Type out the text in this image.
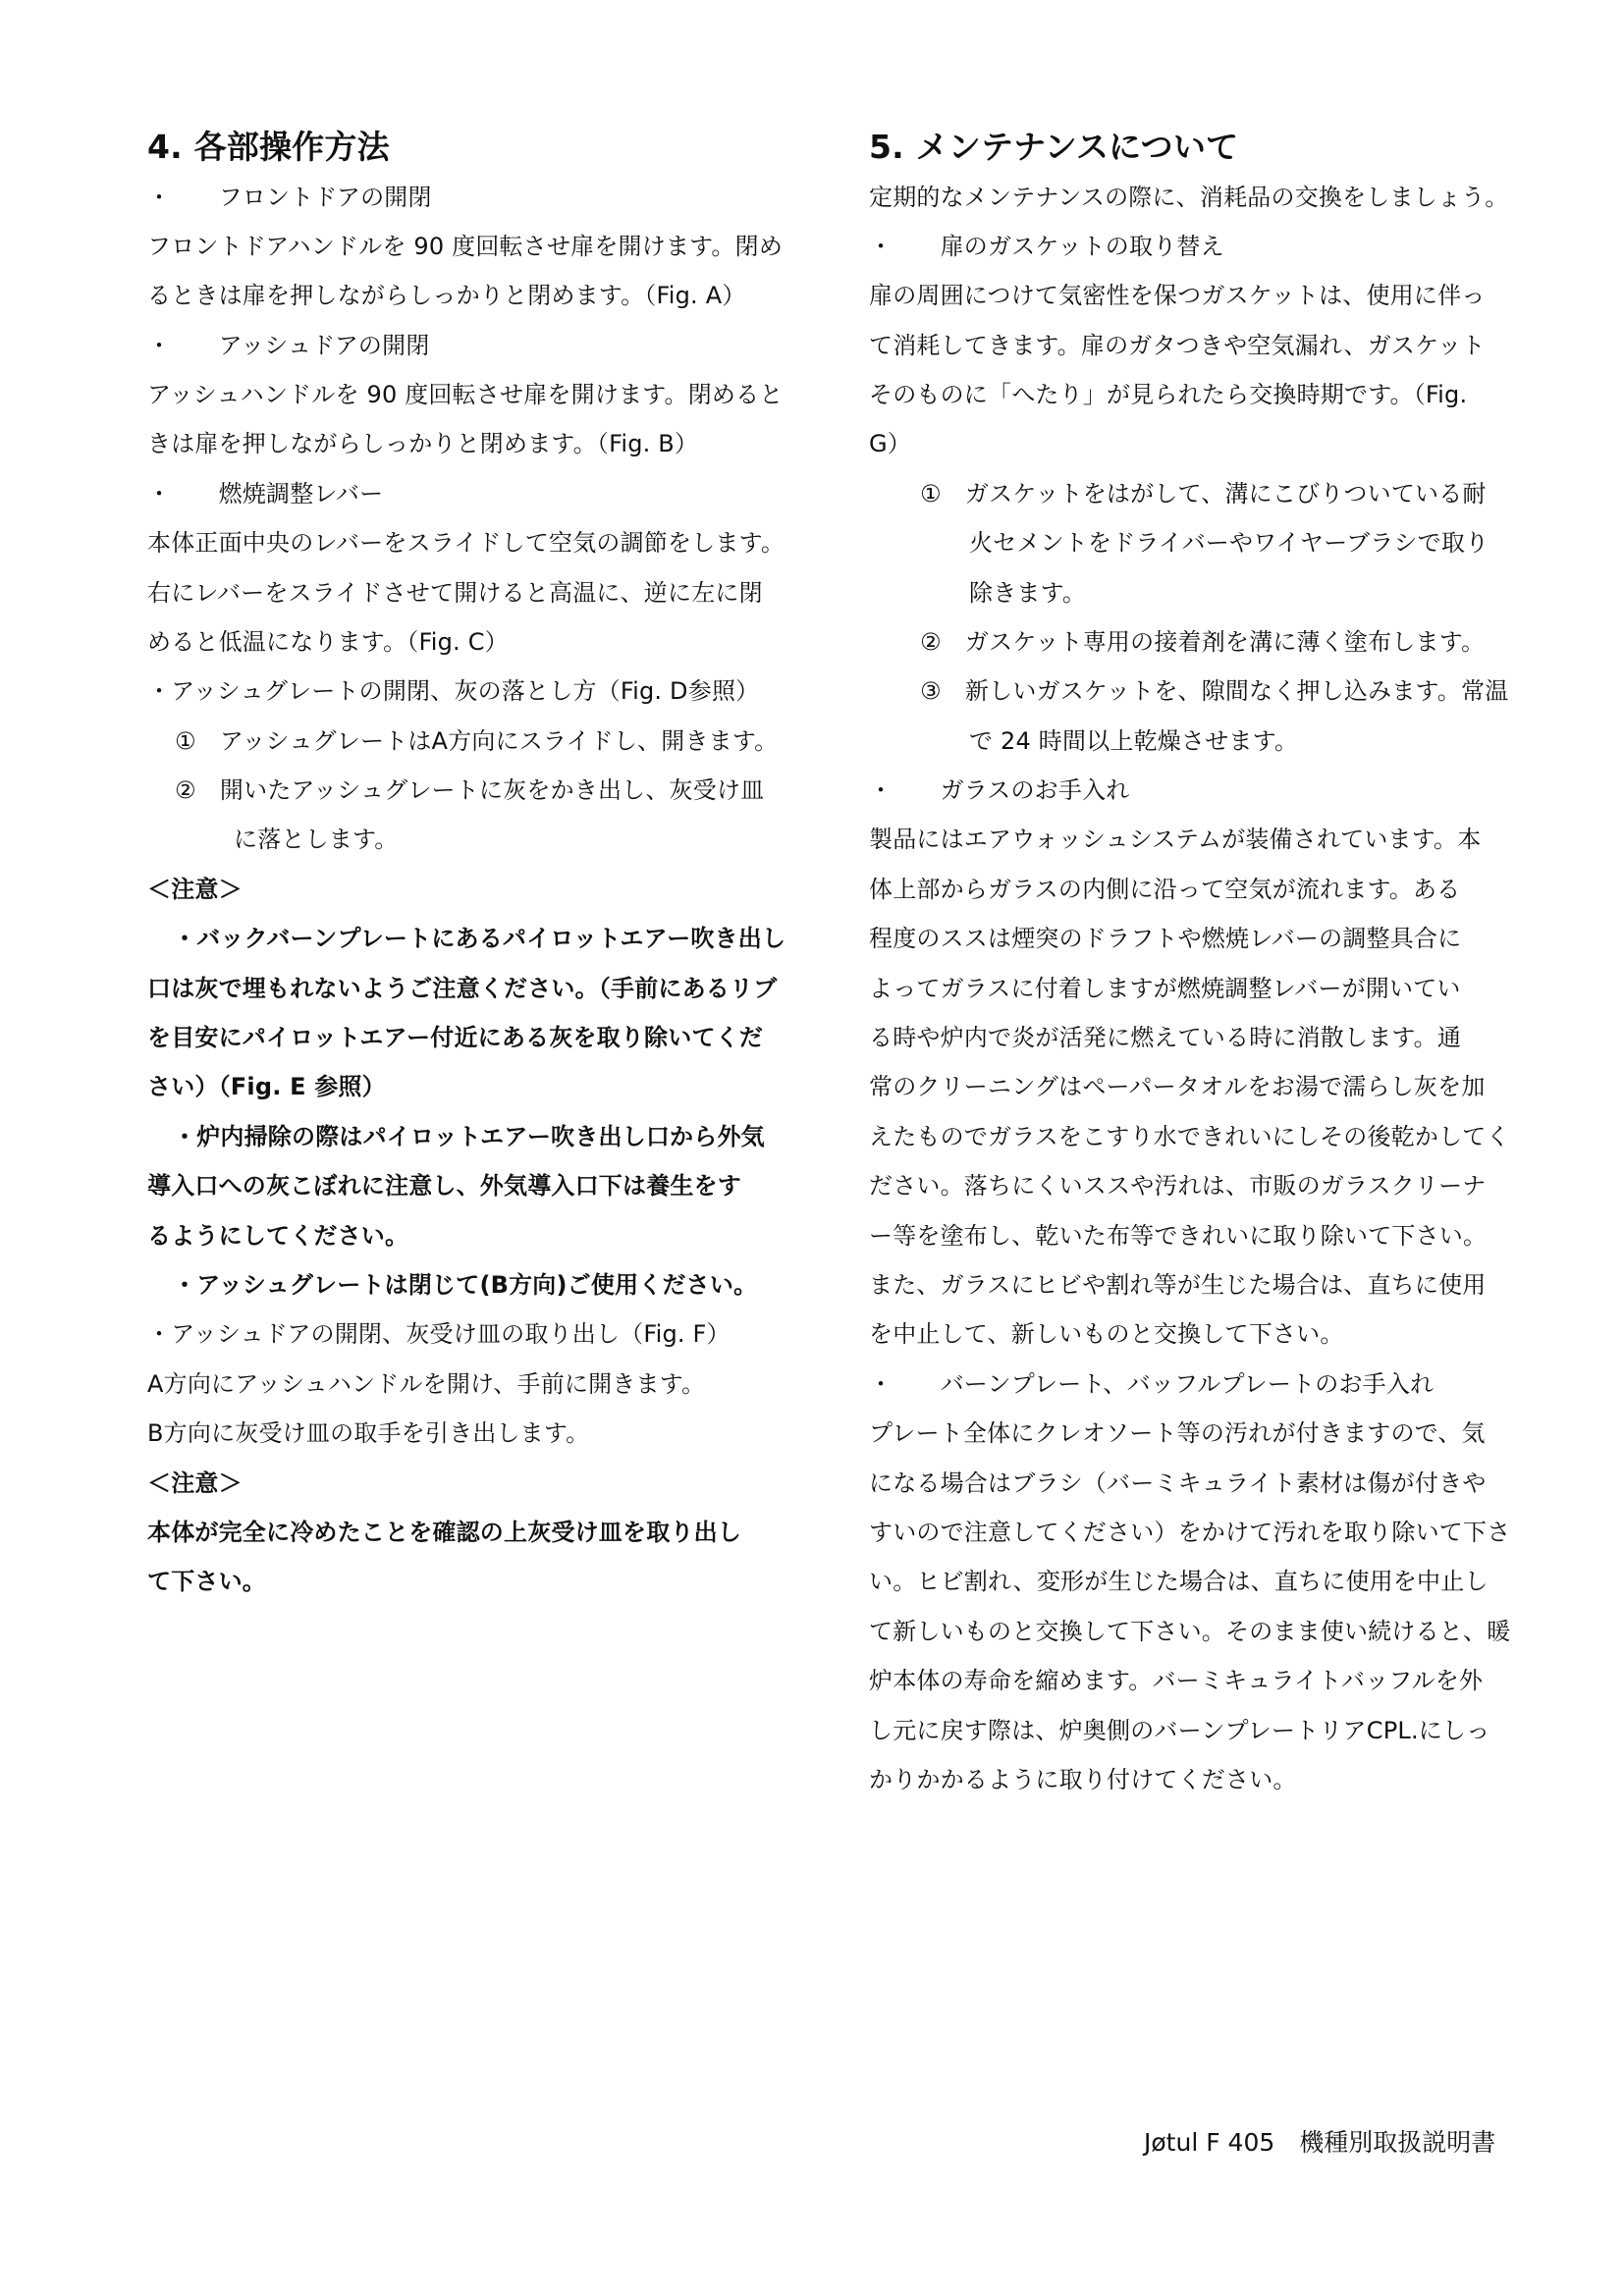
4. 各部操作方法
・　　フロントドアの開閉
フロントドアハンドルを 90 度回転させ扉を開けます。閉め
るときは扉を押しながらしっかりと閉めます。（Fig. A）
・　　アッシュドアの開閉
アッシュハンドルを 90 度回転させ扉を開けます。閉めると
きは扉を押しながらしっかりと閉めます。（Fig. B）
・　　燃焼調整レバー
本体正面中央のレバーをスライドして空気の調節をします。
右にレバーをスライドさせて開けると高温に、逆に左に閉
めると低温になります。（Fig. C）
・アッシュグレートの開閉、灰の落とし方（Fig. D参照）
①　アッシュグレートはA方向にスライドし、開きます。
②　開いたアッシュグレートに灰をかき出し、灰受け皿
に落とします。
＜注意＞
・バックバーンプレートにあるパイロットエアー吹き出し
口は灰で埋もれないようご注意ください。（手前にあるリブ
を目安にパイロットエアー付近にある灰を取り除いてくだ
さい）（Fig. E 参照）
・炉内掃除の際はパイロットエアー吹き出し口から外気
導入口への灰こぼれに注意し、外気導入口下は養生をす
るようにしてください。
・アッシュグレートは閉じて(B方向)ご使用ください。
・アッシュドアの開閉、灰受け皿の取り出し（Fig. F）
A方向にアッシュハンドルを開け、手前に開きます。
B方向に灰受け皿の取手を引き出します。
＜注意＞
本体が完全に冷めたことを確認の上灰受け皿を取り出し
て下さい。
5. メンテナンスについて
定期的なメンテナンスの際に、消耗品の交換をしましょう。
・　　扉のガスケットの取り替え
扉の周囲につけて気密性を保つガスケットは、使用に伴っ
て消耗してきます。扉のガタつきや空気漏れ、ガスケット
そのものに「へたり」が見られたら交換時期です。（Fig.
G）
①　ガスケットをはがして、溝にこびりついている耐
火セメントをドライバーやワイヤーブラシで取り
除きます。
②　ガスケット専用の接着剤を溝に薄く塗布します。
③　新しいガスケットを、隙間なく押し込みます。常温
で 24 時間以上乾燥させます。
・　　ガラスのお手入れ
製品にはエアウォッシュシステムが装備されています。本
体上部からガラスの内側に沿って空気が流れます。ある
程度のススは煙突のドラフトや燃焼レバーの調整具合に
よってガラスに付着しますが燃焼調整レバーが開いてい
る時や炉内で炎が活発に燃えている時に消散します。通
常のクリーニングはペーパータオルをお湯で濡らし灰を加
えたものでガラスをこすり水できれいにしその後乾かしてく
ださい。落ちにくいススや汚れは、市販のガラスクリーナ
ー等を塗布し、乾いた布等できれいに取り除いて下さい。
また、ガラスにヒビや割れ等が生じた場合は、直ちに使用
を中止して、新しいものと交換して下さい。
・　　バーンプレート、バッフルプレートのお手入れ
プレート全体にクレオソート等の汚れが付きますので、気
になる場合はブラシ（バーミキュライト素材は傷が付きや
すいので注意してください）をかけて汚れを取り除いて下さ
い。ヒビ割れ、変形が生じた場合は、直ちに使用を中止し
て新しいものと交換して下さい。そのまま使い続けると、暖
炉本体の寿命を縮めます。バーミキュライトバッフルを外
し元に戻す際は、炉奥側のバーンプレートリアCPL.にしっ
かりかかるように取り付けてください。
Jøtul F 405　機種別取扱説明書
